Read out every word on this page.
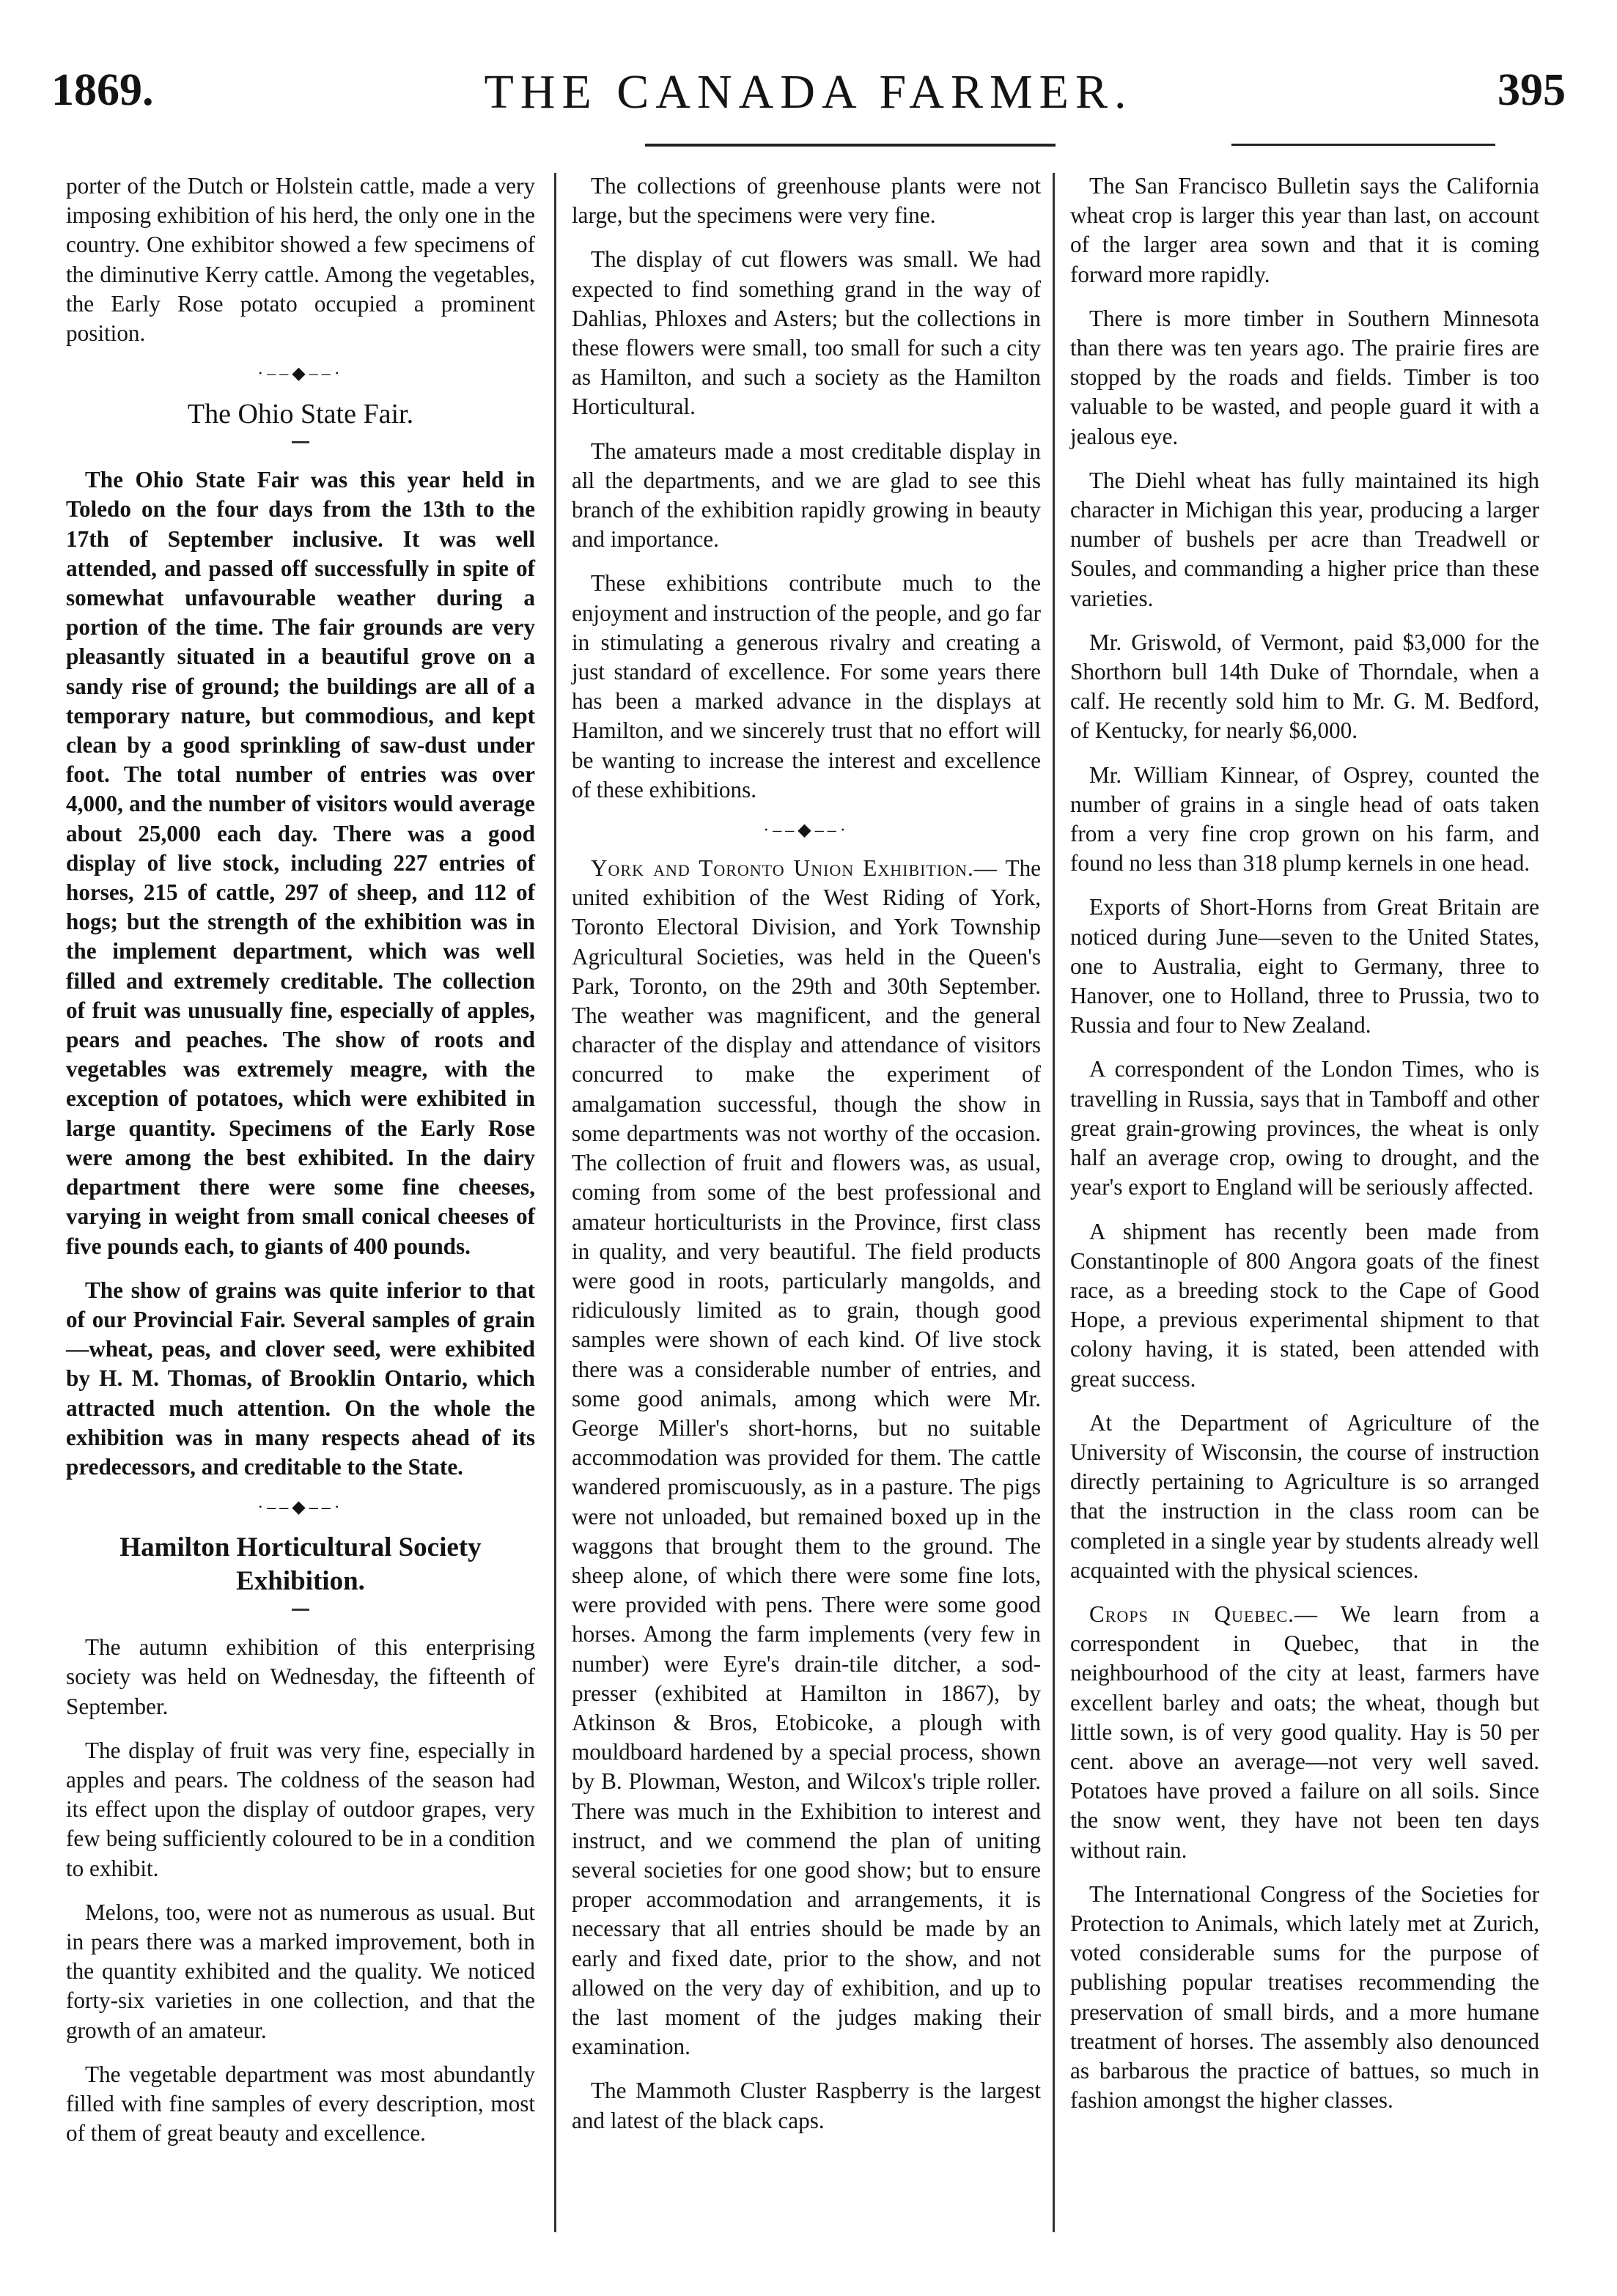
1869.	THE CANADA FARMER.	395

porter of the Dutch or Holstein cattle, made a very imposing exhibition of his herd, the only one in the country. One exhibitor showed a few specimens of the diminutive Kerry cattle. Among the vegetables, the Early Rose potato occupied a prominent position.

·‒‒◆‒‒·
The Ohio State Fair.

The Ohio State Fair was this year held in Toledo on the four days from the 13th to the 17th of September inclusive. It was well attended, and passed off successfully in spite of somewhat unfavourable weather during a portion of the time. The fair grounds are very pleasantly situated in a beautiful grove on a sandy rise of ground; the buildings are all of a temporary nature, but commodious, and kept clean by a good sprinkling of saw-dust under foot. The total number of entries was over 4,000, and the number of visitors would average about 25,000 each day. There was a good display of live stock, including 227 entries of horses, 215 of cattle, 297 of sheep, and 112 of hogs; but the strength of the exhibition was in the implement department, which was well filled and extremely creditable. The collection of fruit was unusually fine, especially of apples, pears and peaches. The show of roots and vegetables was extremely meagre, with the exception of potatoes, which were exhibited in large quantity. Specimens of the Early Rose were among the best exhibited. In the dairy department there were some fine cheeses, varying in weight from small conical cheeses of five pounds each, to giants of 400 pounds.

The show of grains was quite inferior to that of our Provincial Fair. Several samples of grain—wheat, peas, and clover seed, were exhibited by H. M. Thomas, of Brooklin Ontario, which attracted much attention. On the whole the exhibition was in many respects ahead of its predecessors, and creditable to the State.

·‒‒◆‒‒·
Hamilton Horticultural Society Exhibition.

The autumn exhibition of this enterprising society was held on Wednesday, the fifteenth of September.

The display of fruit was very fine, especially in apples and pears. The coldness of the season had its effect upon the display of outdoor grapes, very few being sufficiently coloured to be in a condition to exhibit.

Melons, too, were not as numerous as usual. But in pears there was a marked improvement, both in the quantity exhibited and the quality. We noticed forty-six varieties in one collection, and that the growth of an amateur.

The vegetable department was most abundantly filled with fine samples of every description, most of them of great beauty and excellence.

The collections of greenhouse plants were not large, but the specimens were very fine.

The display of cut flowers was small. We had expected to find something grand in the way of Dahlias, Phloxes and Asters; but the collections in these flowers were small, too small for such a city as Hamilton, and such a society as the Hamilton Horticultural.

The amateurs made a most creditable display in all the departments, and we are glad to see this branch of the exhibition rapidly growing in beauty and importance.

These exhibitions contribute much to the enjoyment and instruction of the people, and go far in stimulating a generous rivalry and creating a just standard of excellence. For some years there has been a marked advance in the displays at Hamilton, and we sincerely trust that no effort will be wanting to increase the interest and excellence of these exhibitions.

·‒‒◆‒‒·

York and Toronto Union Exhibition.— The united exhibition of the West Riding of York, Toronto Electoral Division, and York Township Agricultural Societies, was held in the Queen's Park, Toronto, on the 29th and 30th September. The weather was magnificent, and the general character of the display and attendance of visitors concurred to make the experiment of amalgamation successful, though the show in some departments was not worthy of the occasion. The collection of fruit and flowers was, as usual, coming from some of the best professional and amateur horticulturists in the Province, first class in quality, and very beautiful. The field products were good in roots, particularly mangolds, and ridiculously limited as to grain, though good samples were shown of each kind. Of live stock there was a considerable number of entries, and some good animals, among which were Mr. George Miller's short-horns, but no suitable accommodation was provided for them. The cattle wandered promiscuously, as in a pasture. The pigs were not unloaded, but remained boxed up in the waggons that brought them to the ground. The sheep alone, of which there were some fine lots, were provided with pens. There were some good horses. Among the farm implements (very few in number) were Eyre's drain-tile ditcher, a sod-presser (exhibited at Hamilton in 1867), by Atkinson & Bros, Etobicoke, a plough with mouldboard hardened by a special process, shown by B. Plowman, Weston, and Wilcox's triple roller. There was much in the Exhibition to interest and instruct, and we commend the plan of uniting several societies for one good show; but to ensure proper accommodation and arrangements, it is necessary that all entries should be made by an early and fixed date, prior to the show, and not allowed on the very day of exhibition, and up to the last moment of the judges making their examination.

The Mammoth Cluster Raspberry is the largest and latest of the black caps.

The San Francisco Bulletin says the California wheat crop is larger this year than last, on account of the larger area sown and that it is coming forward more rapidly.

There is more timber in Southern Minnesota than there was ten years ago. The prairie fires are stopped by the roads and fields. Timber is too valuable to be wasted, and people guard it with a jealous eye.

The Diehl wheat has fully maintained its high character in Michigan this year, producing a larger number of bushels per acre than Treadwell or Soules, and commanding a higher price than these varieties.

Mr. Griswold, of Vermont, paid $3,000 for the Shorthorn bull 14th Duke of Thorndale, when a calf. He recently sold him to Mr. G. M. Bedford, of Kentucky, for nearly $6,000.

Mr. William Kinnear, of Osprey, counted the number of grains in a single head of oats taken from a very fine crop grown on his farm, and found no less than 318 plump kernels in one head.

Exports of Short-Horns from Great Britain are noticed during June—seven to the United States, one to Australia, eight to Germany, three to Hanover, one to Holland, three to Prussia, two to Russia and four to New Zealand.

A correspondent of the London Times, who is travelling in Russia, says that in Tamboff and other great grain-growing provinces, the wheat is only half an average crop, owing to drought, and the year's export to England will be seriously affected.

A shipment has recently been made from Constantinople of 800 Angora goats of the finest race, as a breeding stock to the Cape of Good Hope, a previous experimental shipment to that colony having, it is stated, been attended with great success.

At the Department of Agriculture of the University of Wisconsin, the course of instruction directly pertaining to Agriculture is so arranged that the instruction in the class room can be completed in a single year by students already well acquainted with the physical sciences.

Crops in Quebec.— We learn from a correspondent in Quebec, that in the neighbourhood of the city at least, farmers have excellent barley and oats; the wheat, though but little sown, is of very good quality. Hay is 50 per cent. above an average—not very well saved. Potatoes have proved a failure on all soils. Since the snow went, they have not been ten days without rain.

The International Congress of the Societies for Protection to Animals, which lately met at Zurich, voted considerable sums for the purpose of publishing popular treatises recommending the preservation of small birds, and a more humane treatment of horses. The assembly also denounced as barbarous the practice of battues, so much in fashion amongst the higher classes.
